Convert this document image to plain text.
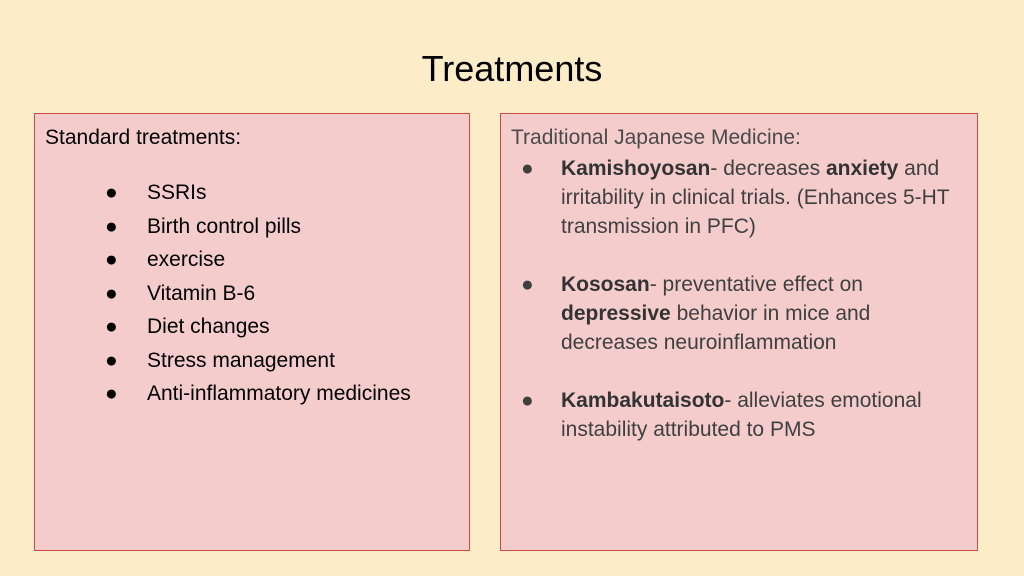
Treatments
Standard treatments:
● SSRIs
● Birth control pills
● exercise
● Vitamin B-6
● Diet changes
● Stress management
● Anti-inflammatory medicines
Traditional Japanese Medicine:
● Kamishoyosan- decreases anxiety and irritability in clinical trials. (Enhances 5-HT transmission in PFC)
● Kososan- preventative effect on depressive behavior in mice and decreases neuroinflammation
● Kambakutaisoto- alleviates emotional instability attributed to PMS
